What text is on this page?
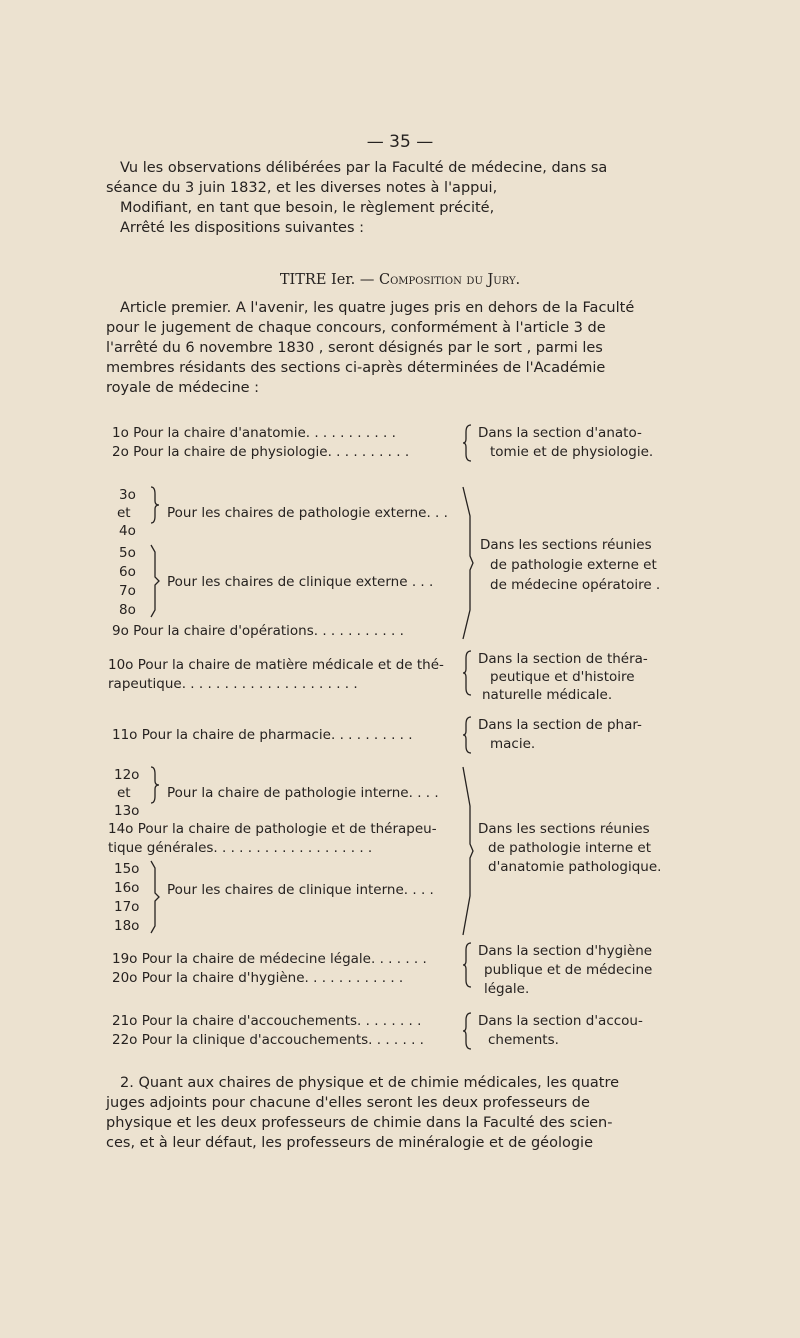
— 35 —
Vu les observations délibérées par la Faculté de médecine, dans sa
séance du 3 juin 1832, et les diverses notes à l'appui,
Modifiant, en tant que besoin, le règlement précité,
Arrêté les dispositions suivantes :
TITRE Ier. — Composition du Jury.
Article premier. A l'avenir, les quatre juges pris en dehors de la Faculté
pour le jugement de chaque concours, conformément à l'article 3 de
l'arrêté du 6 novembre 1830 , seront désignés par le sort , parmi les
membres résidants des sections ci-après déterminées de l'Académie
royale de médecine :
1o Pour la chaire d'anatomie. . . . . . . . . . .
2o Pour la chaire de physiologie. . . . . . . . . .
Dans la section d'anato-
tomie et de physiologie.
3o
et
4o
Pour les chaires de pathologie externe. . .
5o
6o
7o
8o
Pour les chaires de clinique externe . . .
9o Pour la chaire d'opérations. . . . . . . . . . .
Dans les sections réunies
de pathologie externe et
de médecine opératoire .
10o Pour la chaire de matière médicale et de thé-
rapeutique. . . . . . . . . . . . . . . . . . . . .
Dans la section de théra-
peutique et d'histoire
naturelle médicale.
11o Pour la chaire de pharmacie. . . . . . . . . .
Dans la section de phar-
macie.
12o
et
13o
Pour la chaire de pathologie interne. . . .
14o Pour la chaire de pathologie et de thérapeu-
tique générales. . . . . . . . . . . . . . . . . . .
15o
16o
17o
18o
Pour les chaires de clinique interne. . . .
Dans les sections réunies
de pathologie interne et
d'anatomie pathologique.
19o Pour la chaire de médecine légale. . . . . . .
20o Pour la chaire d'hygiène. . . . . . . . . . . .
Dans la section d'hygiène
publique et de médecine
légale.
21o Pour la chaire d'accouchements. . . . . . . .
22o Pour la clinique d'accouchements. . . . . . .
Dans la section d'accou-
chements.
2. Quant aux chaires de physique et de chimie médicales, les quatre
juges adjoints pour chacune d'elles seront les deux professeurs de
physique et les deux professeurs de chimie dans la Faculté des scien-
ces, et à leur défaut, les professeurs de minéralogie et de géologie
